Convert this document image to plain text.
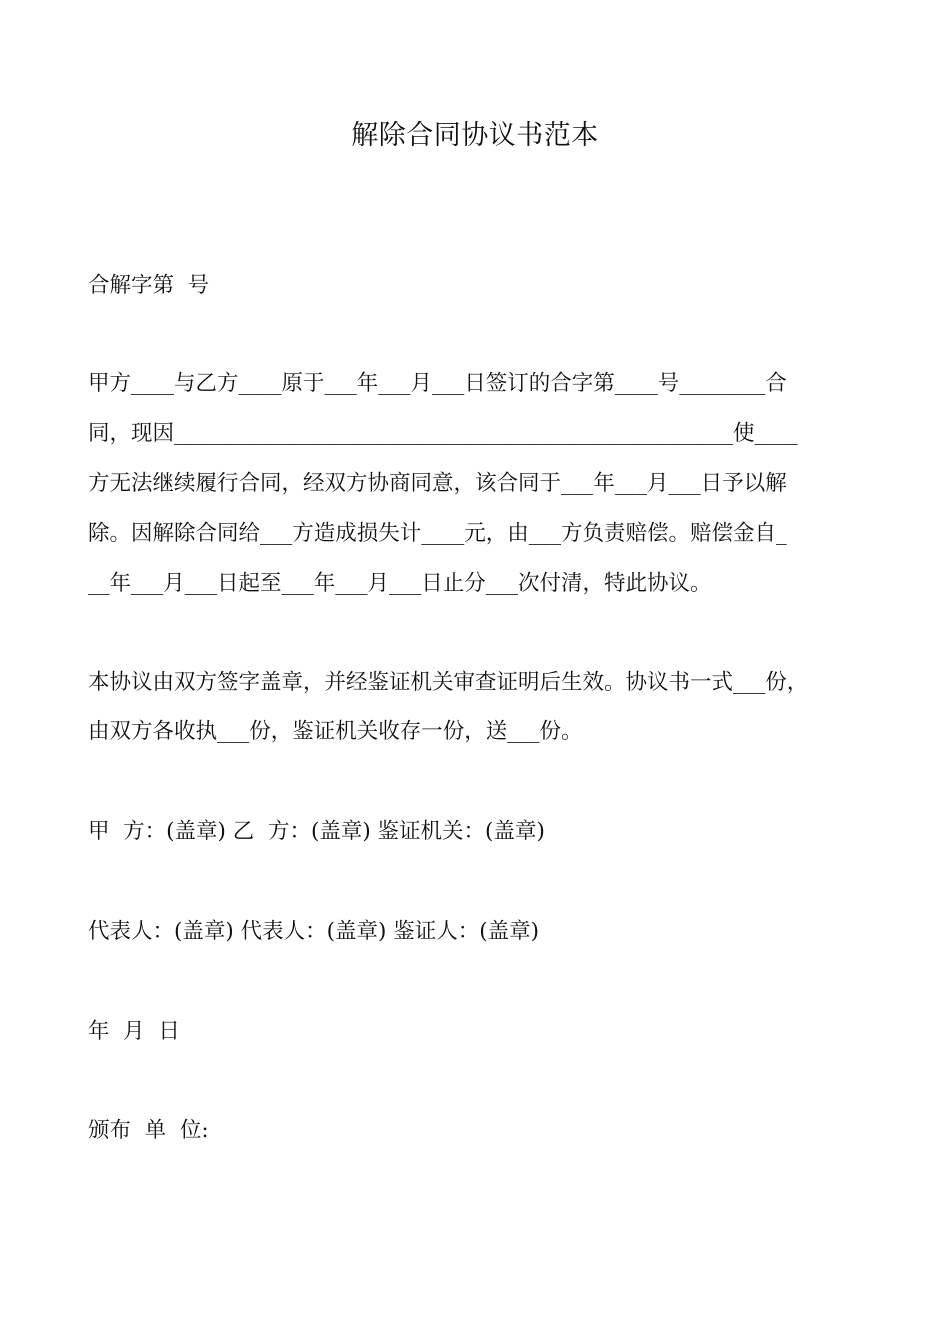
解除合同协议书范本
合解字第  号
甲方____与乙方____原于___年___月___日签订的合字第____号________合
同，现因____________________________________________________使____
方无法继续履行合同，经双方协商同意，该合同于___年___月___日予以解
除。因解除合同给___方造成损失计____元，由___方负责赔偿。赔偿金自_
__年___月___日起至___年___月___日止分___次付清，特此协议。
本协议由双方签字盖章，并经鉴证机关审查证明后生效。协议书一式___份，
由双方各收执___份，鉴证机关收存一份，送___份。
甲  方：(盖章) 乙  方：(盖章) 鉴证机关：(盖章)
代表人：(盖章) 代表人：(盖章) 鉴证人：(盖章)
年  月  日
颁布  单  位:
